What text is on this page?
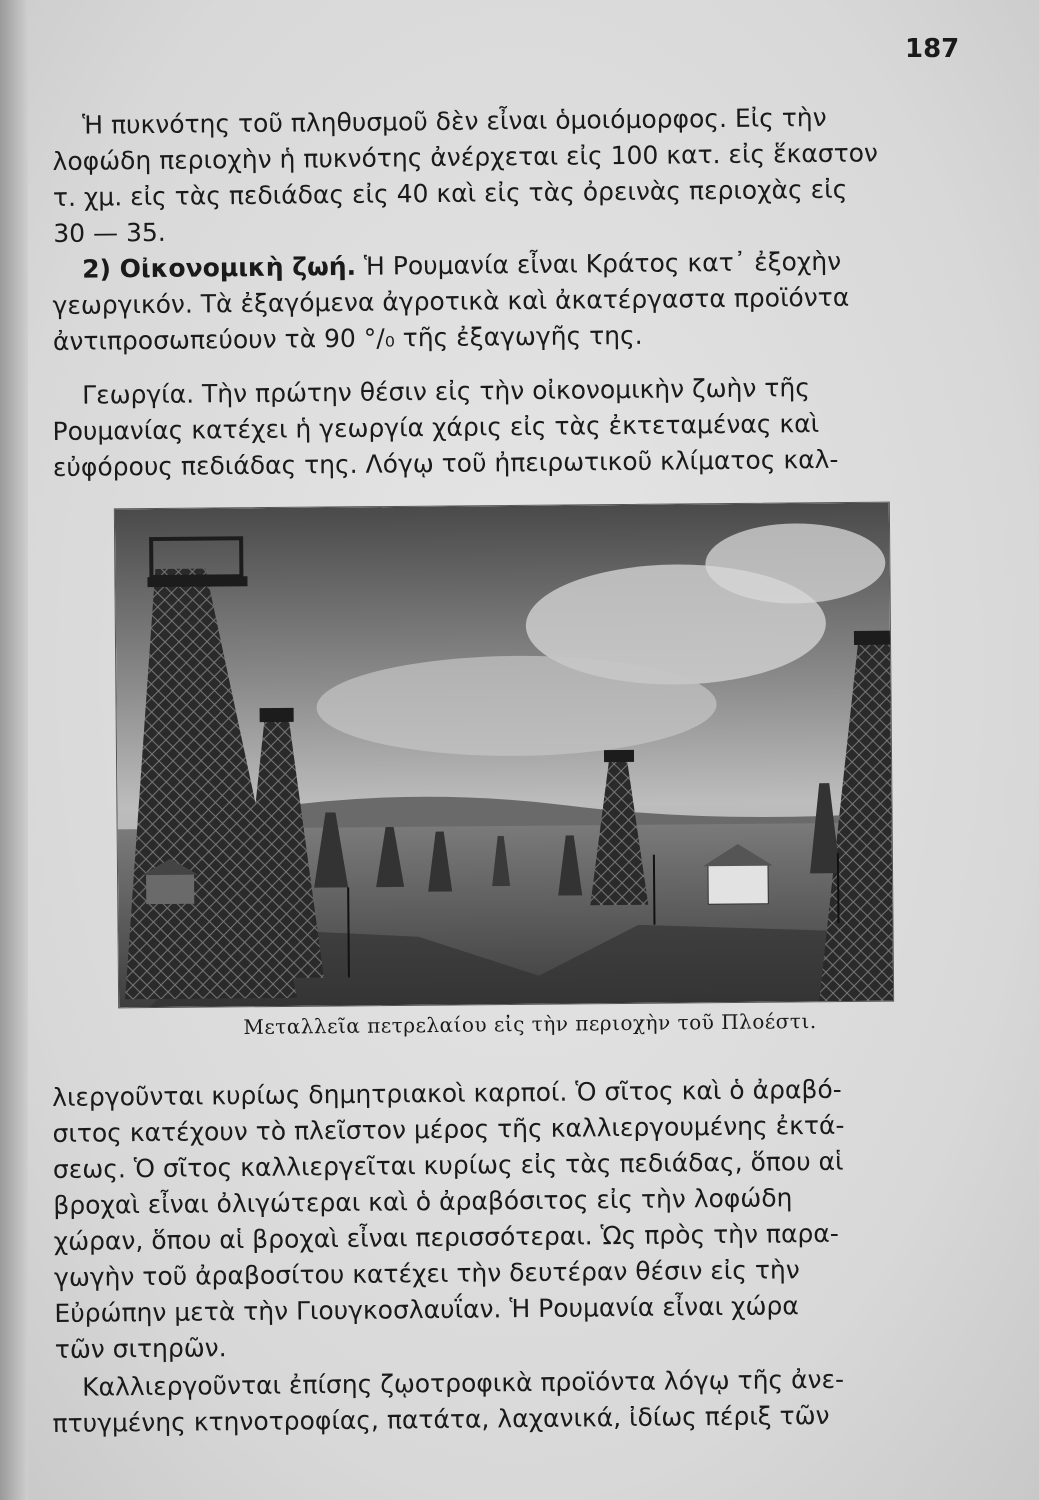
187

Ἡ πυκνότης τοῦ πληθυσμοῦ δὲν εἶναι ὁμοιόμορφος. Εἰς τὴν
λοφώδη περιοχὴν ἡ πυκνότης ἀνέρχεται εἰς 100 κατ. εἰς ἕκαστον
τ. χμ. εἰς τὰς πεδιάδας εἰς 40 καὶ εἰς τὰς ὀρεινὰς περιοχὰς εἰς
30 — 35.

2) Οἰκονομικὴ ζωή. Ἡ Ρουμανία εἶναι Κράτος κατ᾽ ἐξοχὴν
γεωργικόν. Τὰ ἐξαγόμενα ἀγροτικὰ καὶ ἀκατέργαστα προϊόντα
ἀντιπροσωπεύουν τὰ 90 °/₀ τῆς ἐξαγωγῆς της.

Γεωργία. Τὴν πρώτην θέσιν εἰς τὴν οἰκονομικὴν ζωὴν τῆς
Ρουμανίας κατέχει ἡ γεωργία χάρις εἰς τὰς ἐκτεταμένας καὶ
εὐφόρους πεδιάδας της. Λόγῳ τοῦ ἠπειρωτικοῦ κλίματος καλ-

Μεταλλεῖα πετρελαίου εἰς τὴν περιοχὴν τοῦ Πλοέστι.

λιεργοῦνται κυρίως δημητριακοὶ καρποί. Ὁ σῖτος καὶ ὁ ἀραβό-
σιτος κατέχουν τὸ πλεῖστον μέρος τῆς καλλιεργουμένης ἐκτά-
σεως. Ὁ σῖτος καλλιεργεῖται κυρίως εἰς τὰς πεδιάδας, ὅπου αἱ
βροχαὶ εἶναι ὀλιγώτεραι καὶ ὁ ἀραβόσιτος εἰς τὴν λοφώδη
χώραν, ὅπου αἱ βροχαὶ εἶναι περισσότεραι. Ὡς πρὸς τὴν παρα-
γωγὴν τοῦ ἀραβοσίτου κατέχει τὴν δευτέραν θέσιν εἰς τὴν
Εὐρώπην μετὰ τὴν Γιουγκοσλαυΐαν. Ἡ Ρουμανία εἶναι χώρα
τῶν σιτηρῶν.

Καλλιεργοῦνται ἐπίσης ζῳοτροφικὰ προϊόντα λόγῳ τῆς ἀνε-
πτυγμένης κτηνοτροφίας, πατάτα, λαχανικά, ἰδίως πέριξ τῶν
